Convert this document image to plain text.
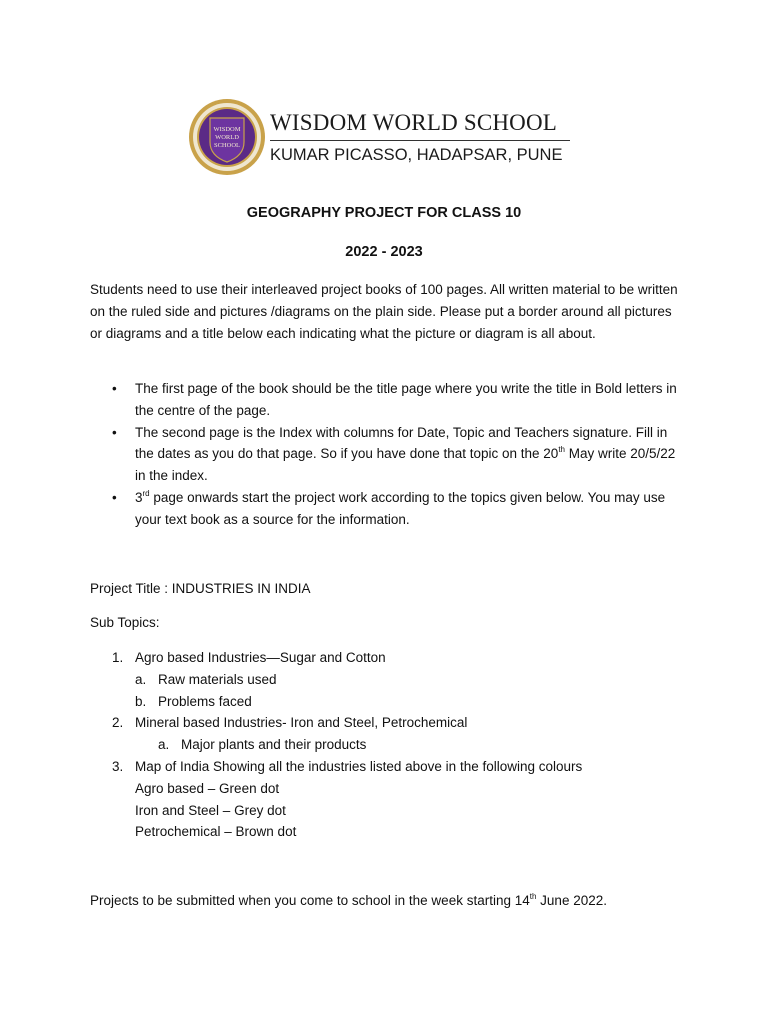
WISDOM
WORLD
SCHOOL
WISDOM WORLD SCHOOL
KUMAR PICASSO, HADAPSAR, PUNE
GEOGRAPHY PROJECT FOR CLASS 10
2022 - 2023

Students need to use their interleaved project books of 100 pages. All written material to be written on the ruled side and pictures /diagrams on the plain side. Please put a border around all pictures or diagrams and a title below each indicating what the picture or diagram is all about.

• The first page of the book should be the title page where you write the title in Bold letters in the centre of the page.
• The second page is the Index with columns for Date, Topic and Teachers signature. Fill in the dates as you do that page. So if you have done that topic on the 20th May write 20/5/22 in the index.
• 3rd page onwards start the project work according to the topics given below. You may use your text book as a source for the information.
Project Title : INDUSTRIES IN INDIA
Sub Topics:
1. Agro based Industries—Sugar and Cotton
a. Raw materials used
b. Problems faced
2. Mineral based Industries- Iron and Steel, Petrochemical
a. Major plants and their products
3. Map of India Showing all the industries listed above in the following colours
Agro based – Green dot
Iron and Steel – Grey dot
Petrochemical – Brown dot
Projects to be submitted when you come to school in the week starting 14th June 2022.
